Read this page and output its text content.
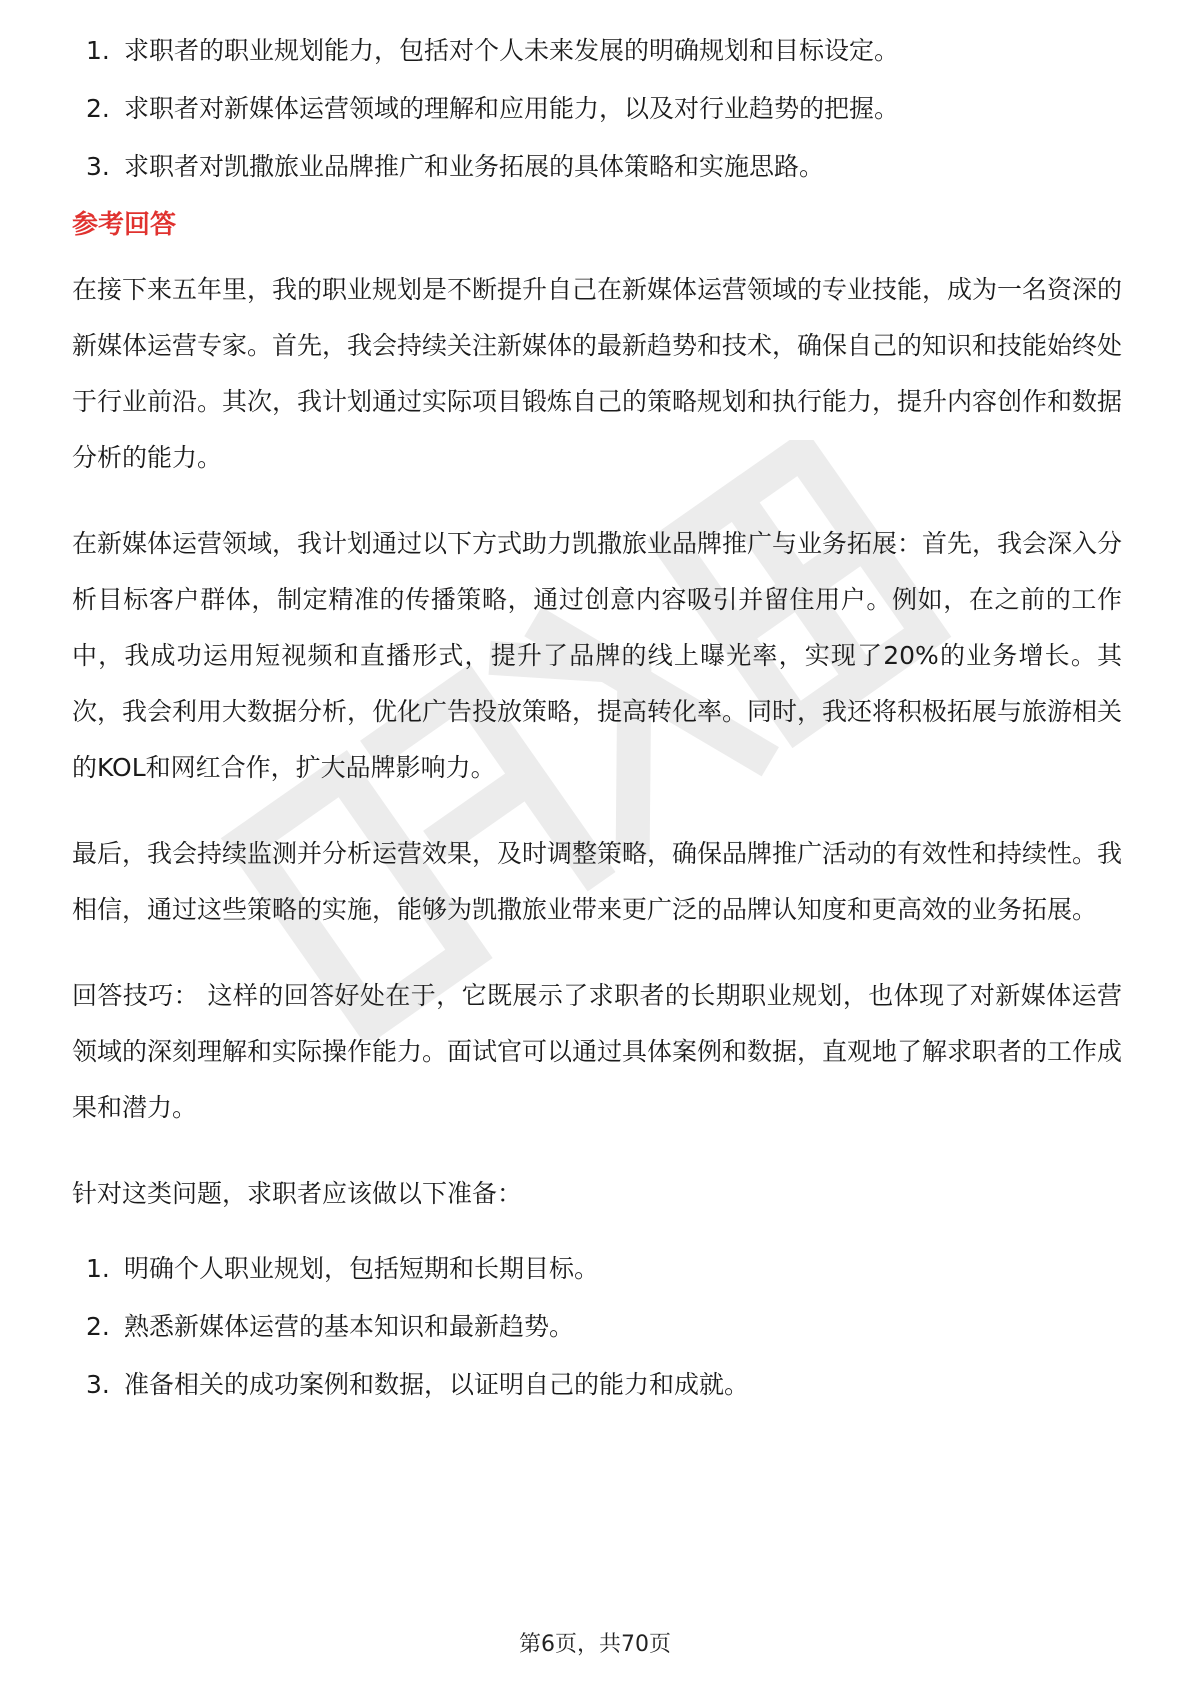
1. 求职者的职业规划能力，包括对个人未来发展的明确规划和目标设定。
2. 求职者对新媒体运营领域的理解和应用能力，以及对行业趋势的把握。
3. 求职者对凯撒旅业品牌推广和业务拓展的具体策略和实施思路。
参考回答

在接下来五年里，我的职业规划是不断提升自己在新媒体运营领域的专业技能，成为一名资深的新媒体运营专家。首先，我会持续关注新媒体的最新趋势和技术，确保自己的知识和技能始终处于行业前沿。其次，我计划通过实际项目锻炼自己的策略规划和执行能力，提升内容创作和数据分析的能力。

在新媒体运营领域，我计划通过以下方式助力凯撒旅业品牌推广与业务拓展：首先，我会深入分析目标客户群体，制定精准的传播策略，通过创意内容吸引并留住用户。例如，在之前的工作中，我成功运用短视频和直播形式，提升了品牌的线上曝光率，实现了20%的业务增长。其次，我会利用大数据分析，优化广告投放策略，提高转化率。同时，我还将积极拓展与旅游相关的KOL和网红合作，扩大品牌影响力。

最后，我会持续监测并分析运营效果，及时调整策略，确保品牌推广活动的有效性和持续性。我相信，通过这些策略的实施，能够为凯撒旅业带来更广泛的品牌认知度和更高效的业务拓展。

回答技巧： 这样的回答好处在于，它既展示了求职者的长期职业规划，也体现了对新媒体运营领域的深刻理解和实际操作能力。面试官可以通过具体案例和数据，直观地了解求职者的工作成果和潜力。

针对这类问题，求职者应该做以下准备：

1. 明确个人职业规划，包括短期和长期目标。
2. 熟悉新媒体运营的基本知识和最新趋势。
3. 准备相关的成功案例和数据，以证明自己的能力和成就。
第6页，共70页
